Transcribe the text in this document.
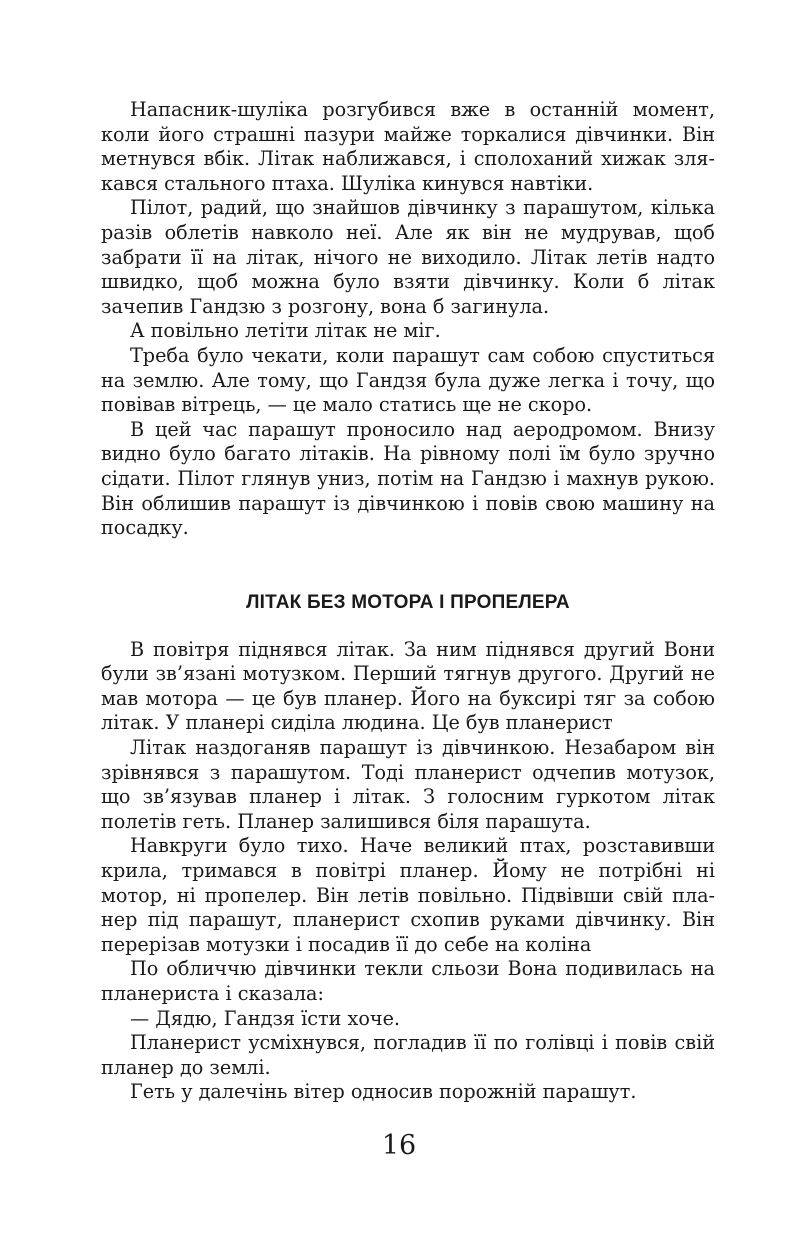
Напасник-шуліка розгубився вже в останній момент, коли його страшні пазури майже торкалися дівчинки. Він метнувся вбік. Літак наближався, і сполоханий хижак злякався стального птаха. Шуліка кинувся навтіки.

Пілот, радий, що знайшов дівчинку з парашутом, кілька разів облетів навколо неї. Але як він не мудрував, щоб забрати її на літак, нічого не виходило. Літак летів надто швидко, щоб можна було взяти дівчинку. Коли б літак зачепив Гандзю з розгону, вона б загинула.

А повільно летіти літак не міг.

Треба було чекати, коли парашут сам собою спуститься на землю. Але тому, що Гандзя була дуже легка і точу, що повівав вітрець, — це мало статись ще не скоро.

В цей час парашут проносило над аеродромом. Внизу видно було багато літаків. На рівному полі їм було зручно сідати. Пілот глянув униз, потім на Гандзю і махнув рукою. Він облишив парашут із дівчинкою і повів свою машину на посадку.

ЛІТАК БЕЗ МОТОРА І ПРОПЕЛЕРА

В повітря піднявся літак. За ним піднявся другий Вони були зв’язані мотузком. Перший тягнув другого. Другий не мав мотора — це був планер. Його на буксирі тяг за собою літак. У планері сиділа людина. Це був планерист

Літак наздоганяв парашут із дівчинкою. Незабаром він зрівнявся з парашутом. Тоді планерист одчепив мотузок, що зв’язував планер і літак. З голосним гуркотом літак полетів геть. Планер залишився біля парашута.

Навкруги було тихо. Наче великий птах, розставивши крила, тримався в повітрі планер. Йому не потрібні ні мотор, ні пропелер. Він летів повільно. Підвівши свій планер під парашут, планерист схопив руками дівчинку. Він перерізав мотузки і посадив її до себе на коліна

По обличчю дівчинки текли сльози Вона подивилась на планериста і сказала:

— Дядю, Гандзя їсти хоче.

Планерист усміхнувся, погладив її по голівці і повів свій планер до землі.

Геть у далечінь вітер односив порожній парашут.

16
